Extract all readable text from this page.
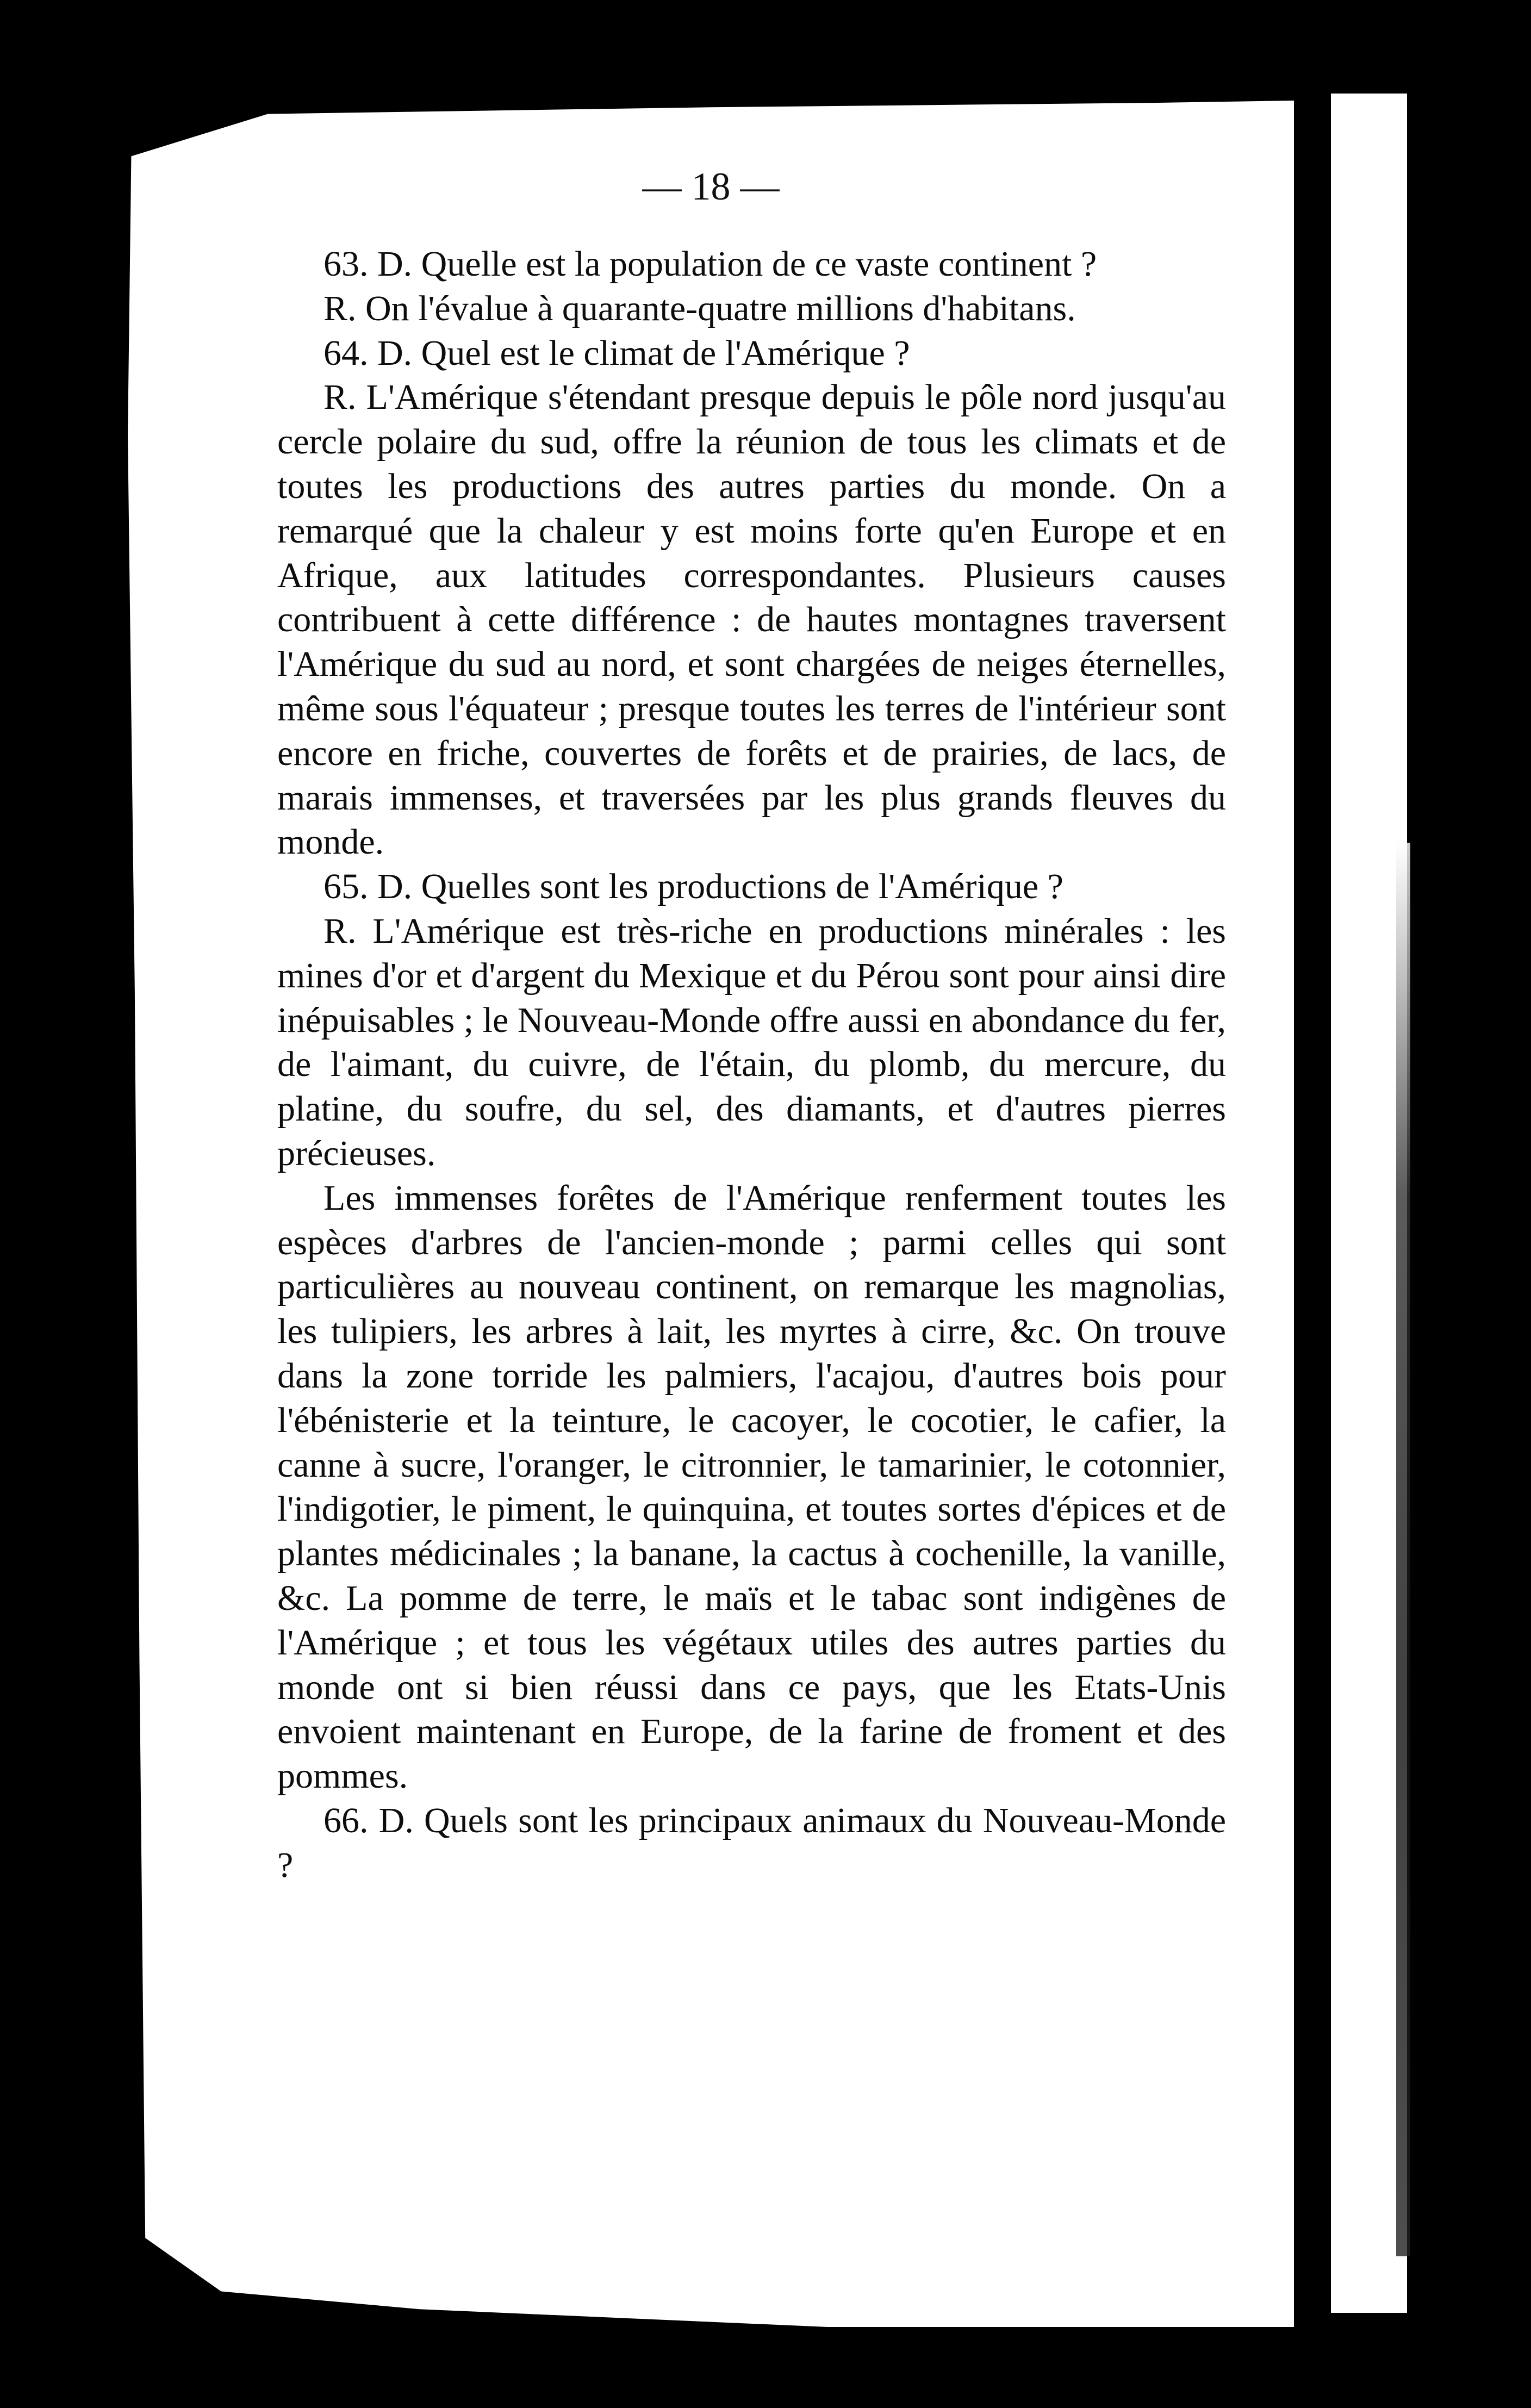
— 18 —

63. D. Quelle est la population de ce vaste continent ?

R. On l'évalue à quarante-quatre millions d'habitans.

64. D. Quel est le climat de l'Amérique ?

R. L'Amérique s'étendant presque depuis le pôle nord jusqu'au cercle polaire du sud, offre la réunion de tous les climats et de toutes les productions des autres parties du monde. On a remarqué que la chaleur y est moins forte qu'en Europe et en Afrique, aux latitudes correspondantes. Plusieurs causes contribuent à cette différence : de hautes montagnes traversent l'Amérique du sud au nord, et sont chargées de neiges éternelles, même sous l'équateur ; presque toutes les terres de l'intérieur sont encore en friche, couvertes de forêts et de prairies, de lacs, de marais immenses, et traversées par les plus grands fleuves du monde.

65. D. Quelles sont les productions de l'Amérique ?

R. L'Amérique est très-riche en productions minérales : les mines d'or et d'argent du Mexique et du Pérou sont pour ainsi dire inépuisables ; le Nouveau-Monde offre aussi en abondance du fer, de l'aimant, du cuivre, de l'étain, du plomb, du mercure, du platine, du soufre, du sel, des diamants, et d'autres pierres précieuses.

Les immenses forêtes de l'Amérique renferment toutes les espèces d'arbres de l'ancien-monde ; parmi celles qui sont particulières au nouveau continent, on remarque les magnolias, les tulipiers, les arbres à lait, les myrtes à cirre, &c. On trouve dans la zone torride les palmiers, l'acajou, d'autres bois pour l'ébénisterie et la teinture, le cacoyer, le cocotier, le cafier, la canne à sucre, l'oranger, le citronnier, le tamarinier, le cotonnier, l'indigotier, le piment, le quinquina, et toutes sortes d'épices et de plantes médicinales ; la banane, la cactus à cochenille, la vanille, &c. La pomme de terre, le maïs et le tabac sont indigènes de l'Amérique ; et tous les végétaux utiles des autres parties du monde ont si bien réussi dans ce pays, que les Etats-Unis envoient maintenant en Europe, de la farine de froment et des pommes.

66. D. Quels sont les principaux animaux du Nouveau-Monde ?
